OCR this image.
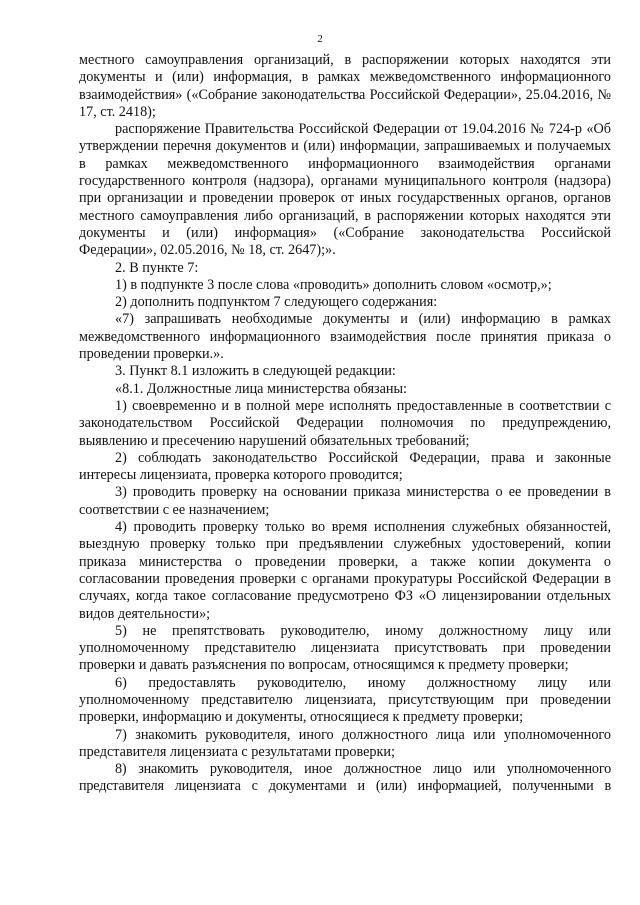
2

местного самоуправления организаций, в распоряжении которых находятся эти документы и (или) информация, в рамках межведомственного информационного взаимодействия» («Собрание законодательства Российской Федерации», 25.04.2016, № 17, ст. 2418);

распоряжение Правительства Российской Федерации от 19.04.2016 № 724-р «Об утверждении перечня документов и (или) информации, запрашиваемых и получаемых в рамках межведомственного информационного взаимодействия органами государственного контроля (надзора), органами муниципального контроля (надзора) при организации и проведении проверок от иных государственных органов, органов местного самоуправления либо организаций, в распоряжении которых находятся эти документы и (или) информация» («Собрание законодательства Российской Федерации», 02.05.2016, № 18, ст. 2647);».

2. В пункте 7:

1) в подпункте 3 после слова «проводить» дополнить словом «осмотр,»;

2) дополнить подпунктом 7 следующего содержания:

«7) запрашивать необходимые документы и (или) информацию в рамках межведомственного информационного взаимодействия после принятия приказа о проведении проверки.».

3. Пункт 8.1 изложить в следующей редакции:

«8.1. Должностные лица министерства обязаны:

1) своевременно и в полной мере исполнять предоставленные в соответствии с законодательством Российской Федерации полномочия по предупреждению, выявлению и пресечению нарушений обязательных требований;

2) соблюдать законодательство Российской Федерации, права и законные интересы лицензиата, проверка которого проводится;

3) проводить проверку на основании приказа министерства о ее проведении в соответствии с ее назначением;

4) проводить проверку только во время исполнения служебных обязанностей, выездную проверку только при предъявлении служебных удостоверений, копии приказа министерства о проведении проверки, а также копии документа о согласовании проведения проверки с органами прокуратуры Российской Федерации в случаях, когда такое согласование предусмотрено ФЗ «О лицензировании отдельных видов деятельности»;

5) не препятствовать руководителю, иному должностному лицу или уполномоченному представителю лицензиата присутствовать при проведении проверки и давать разъяснения по вопросам, относящимся к предмету проверки;

6) предоставлять руководителю, иному должностному лицу или уполномоченному представителю лицензиата, присутствующим при проведении проверки, информацию и документы, относящиеся к предмету проверки;

7) знакомить руководителя, иного должностного лица или уполномоченного представителя лицензиата с результатами проверки;

8) знакомить руководителя, иное должностное лицо или уполномоченного представителя лицензиата с документами и (или) информацией, полученными в
